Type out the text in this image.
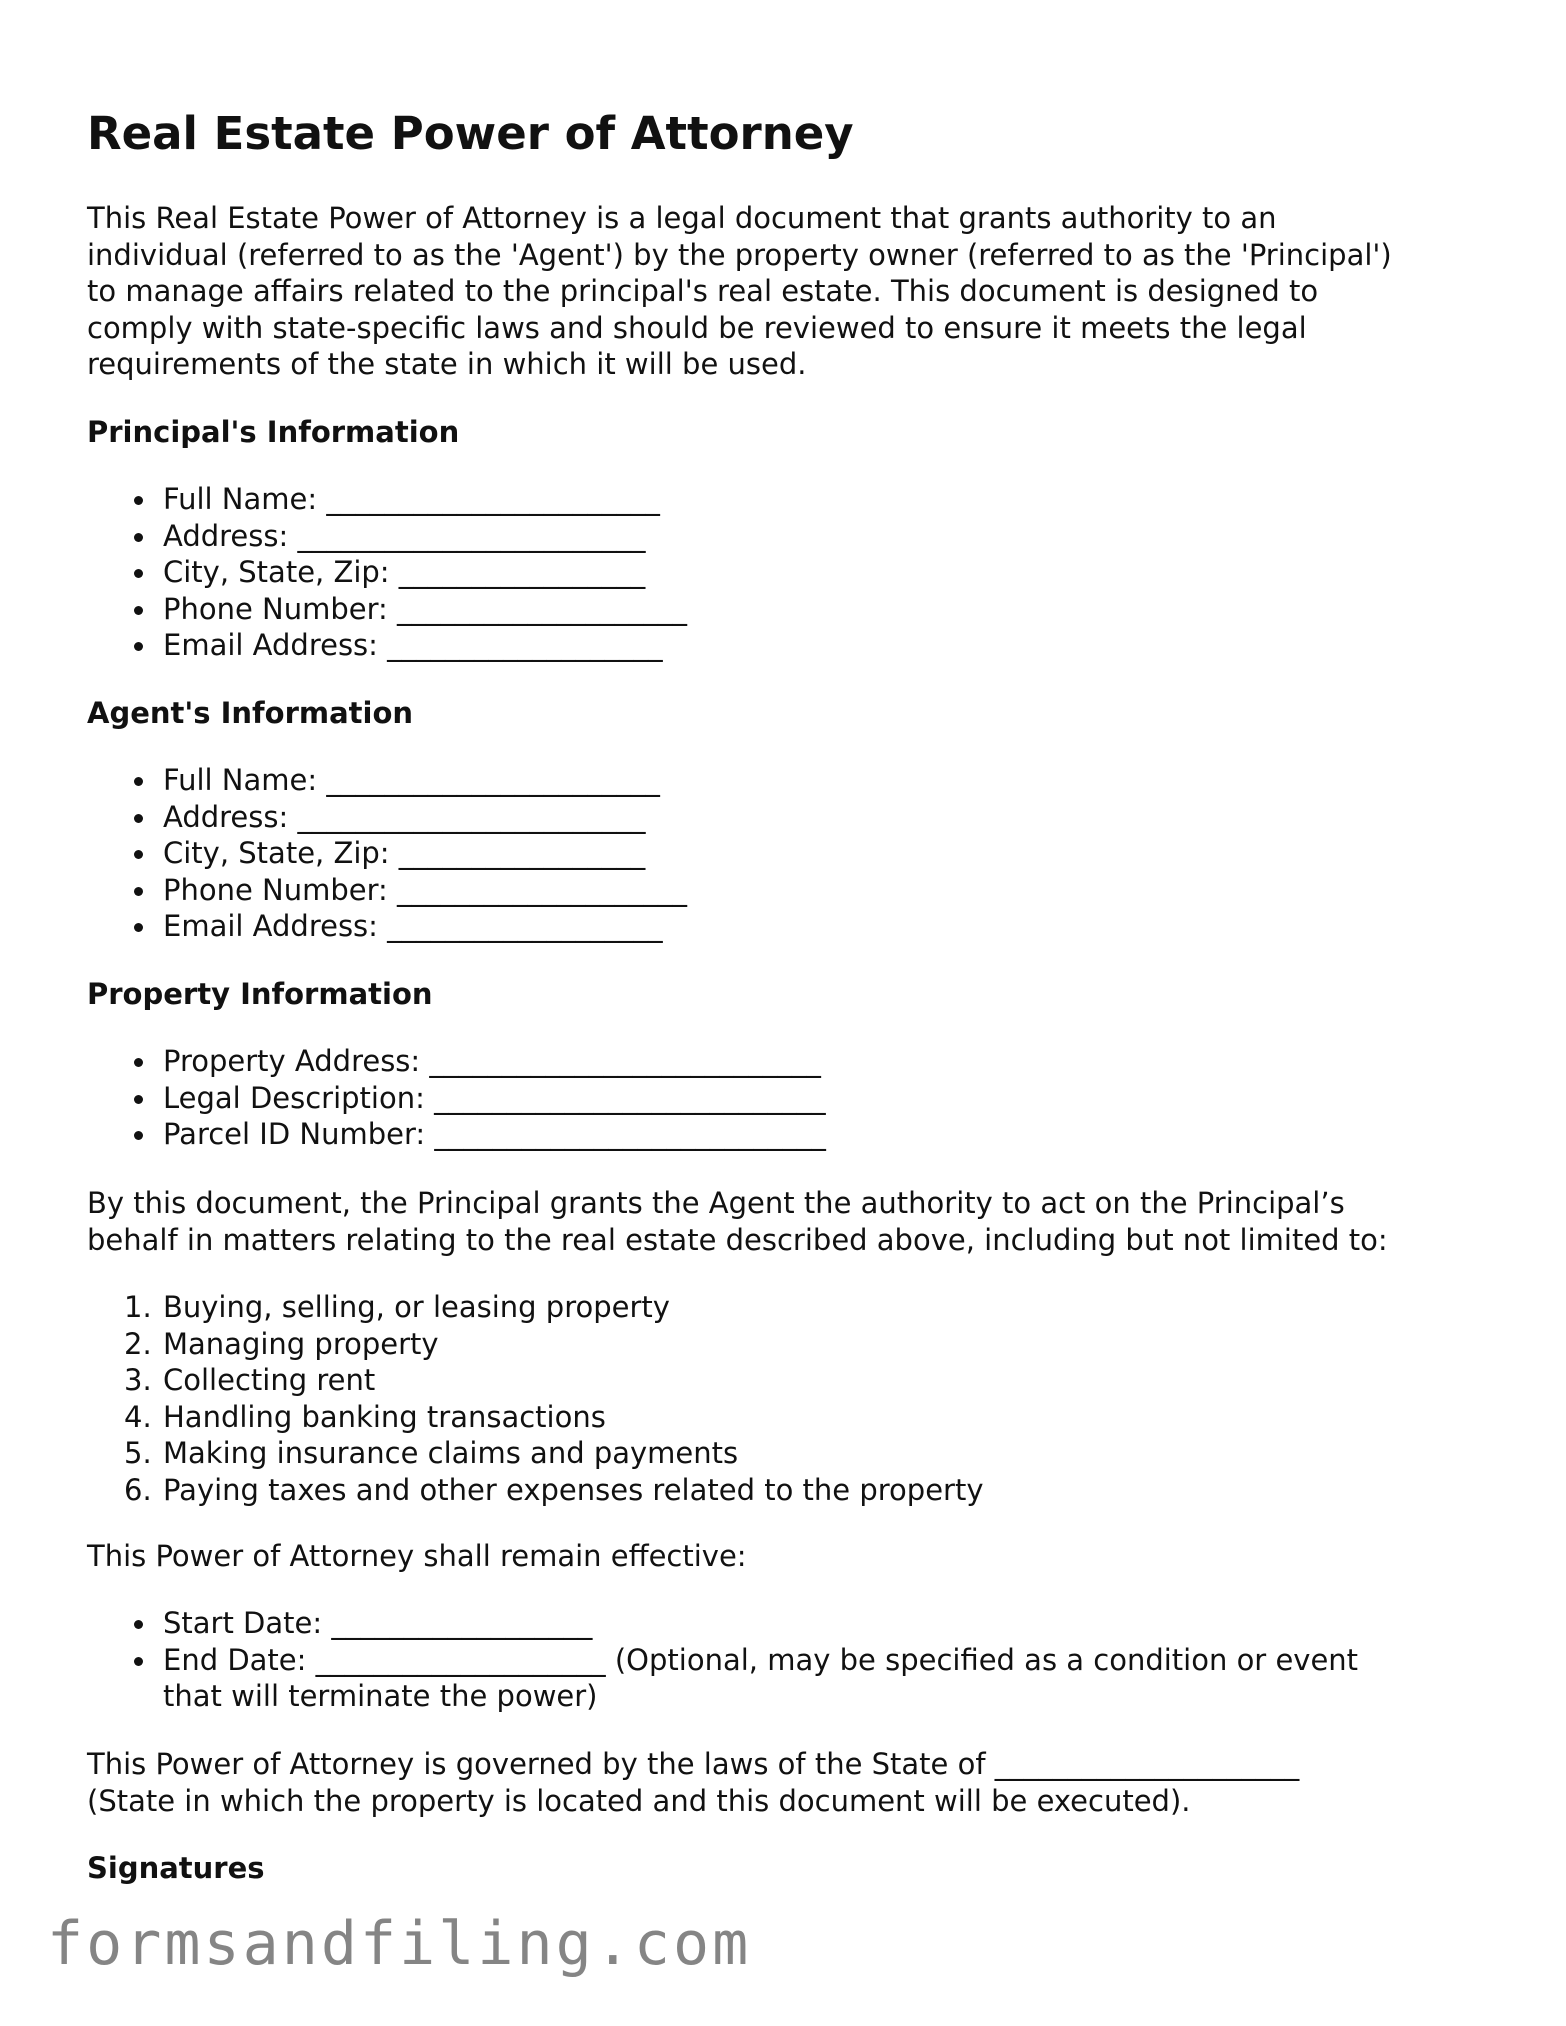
Real Estate Power of Attorney

This Real Estate Power of Attorney is a legal document that grants authority to an
individual (referred to as the 'Agent') by the property owner (referred to as the 'Principal')
to manage affairs related to the principal's real estate. This document is designed to
comply with state-specific laws and should be reviewed to ensure it meets the legal
requirements of the state in which it will be used.

Principal's Information
Full Name: _______________________
Address: ________________________
City, State, Zip: _________________
Phone Number: ____________________
Email Address: ___________________
Agent's Information
Full Name: _______________________
Address: ________________________
City, State, Zip: _________________
Phone Number: ____________________
Email Address: ___________________
Property Information
Property Address: ___________________________
Legal Description: ___________________________
Parcel ID Number: ___________________________

By this document, the Principal grants the Agent the authority to act on the Principal’s
behalf in matters relating to the real estate described above, including but not limited to:

1. Buying, selling, or leasing property
2. Managing property
3. Collecting rent
4. Handling banking transactions
5. Making insurance claims and payments
6. Paying taxes and other expenses related to the property

This Power of Attorney shall remain effective:

Start Date: __________________
End Date: ____________________ (Optional, may be specified as a condition or event
that will terminate the power)

This Power of Attorney is governed by the laws of the State of _____________________
(State in which the property is located and this document will be executed).

Signatures
formsandfiling.com
